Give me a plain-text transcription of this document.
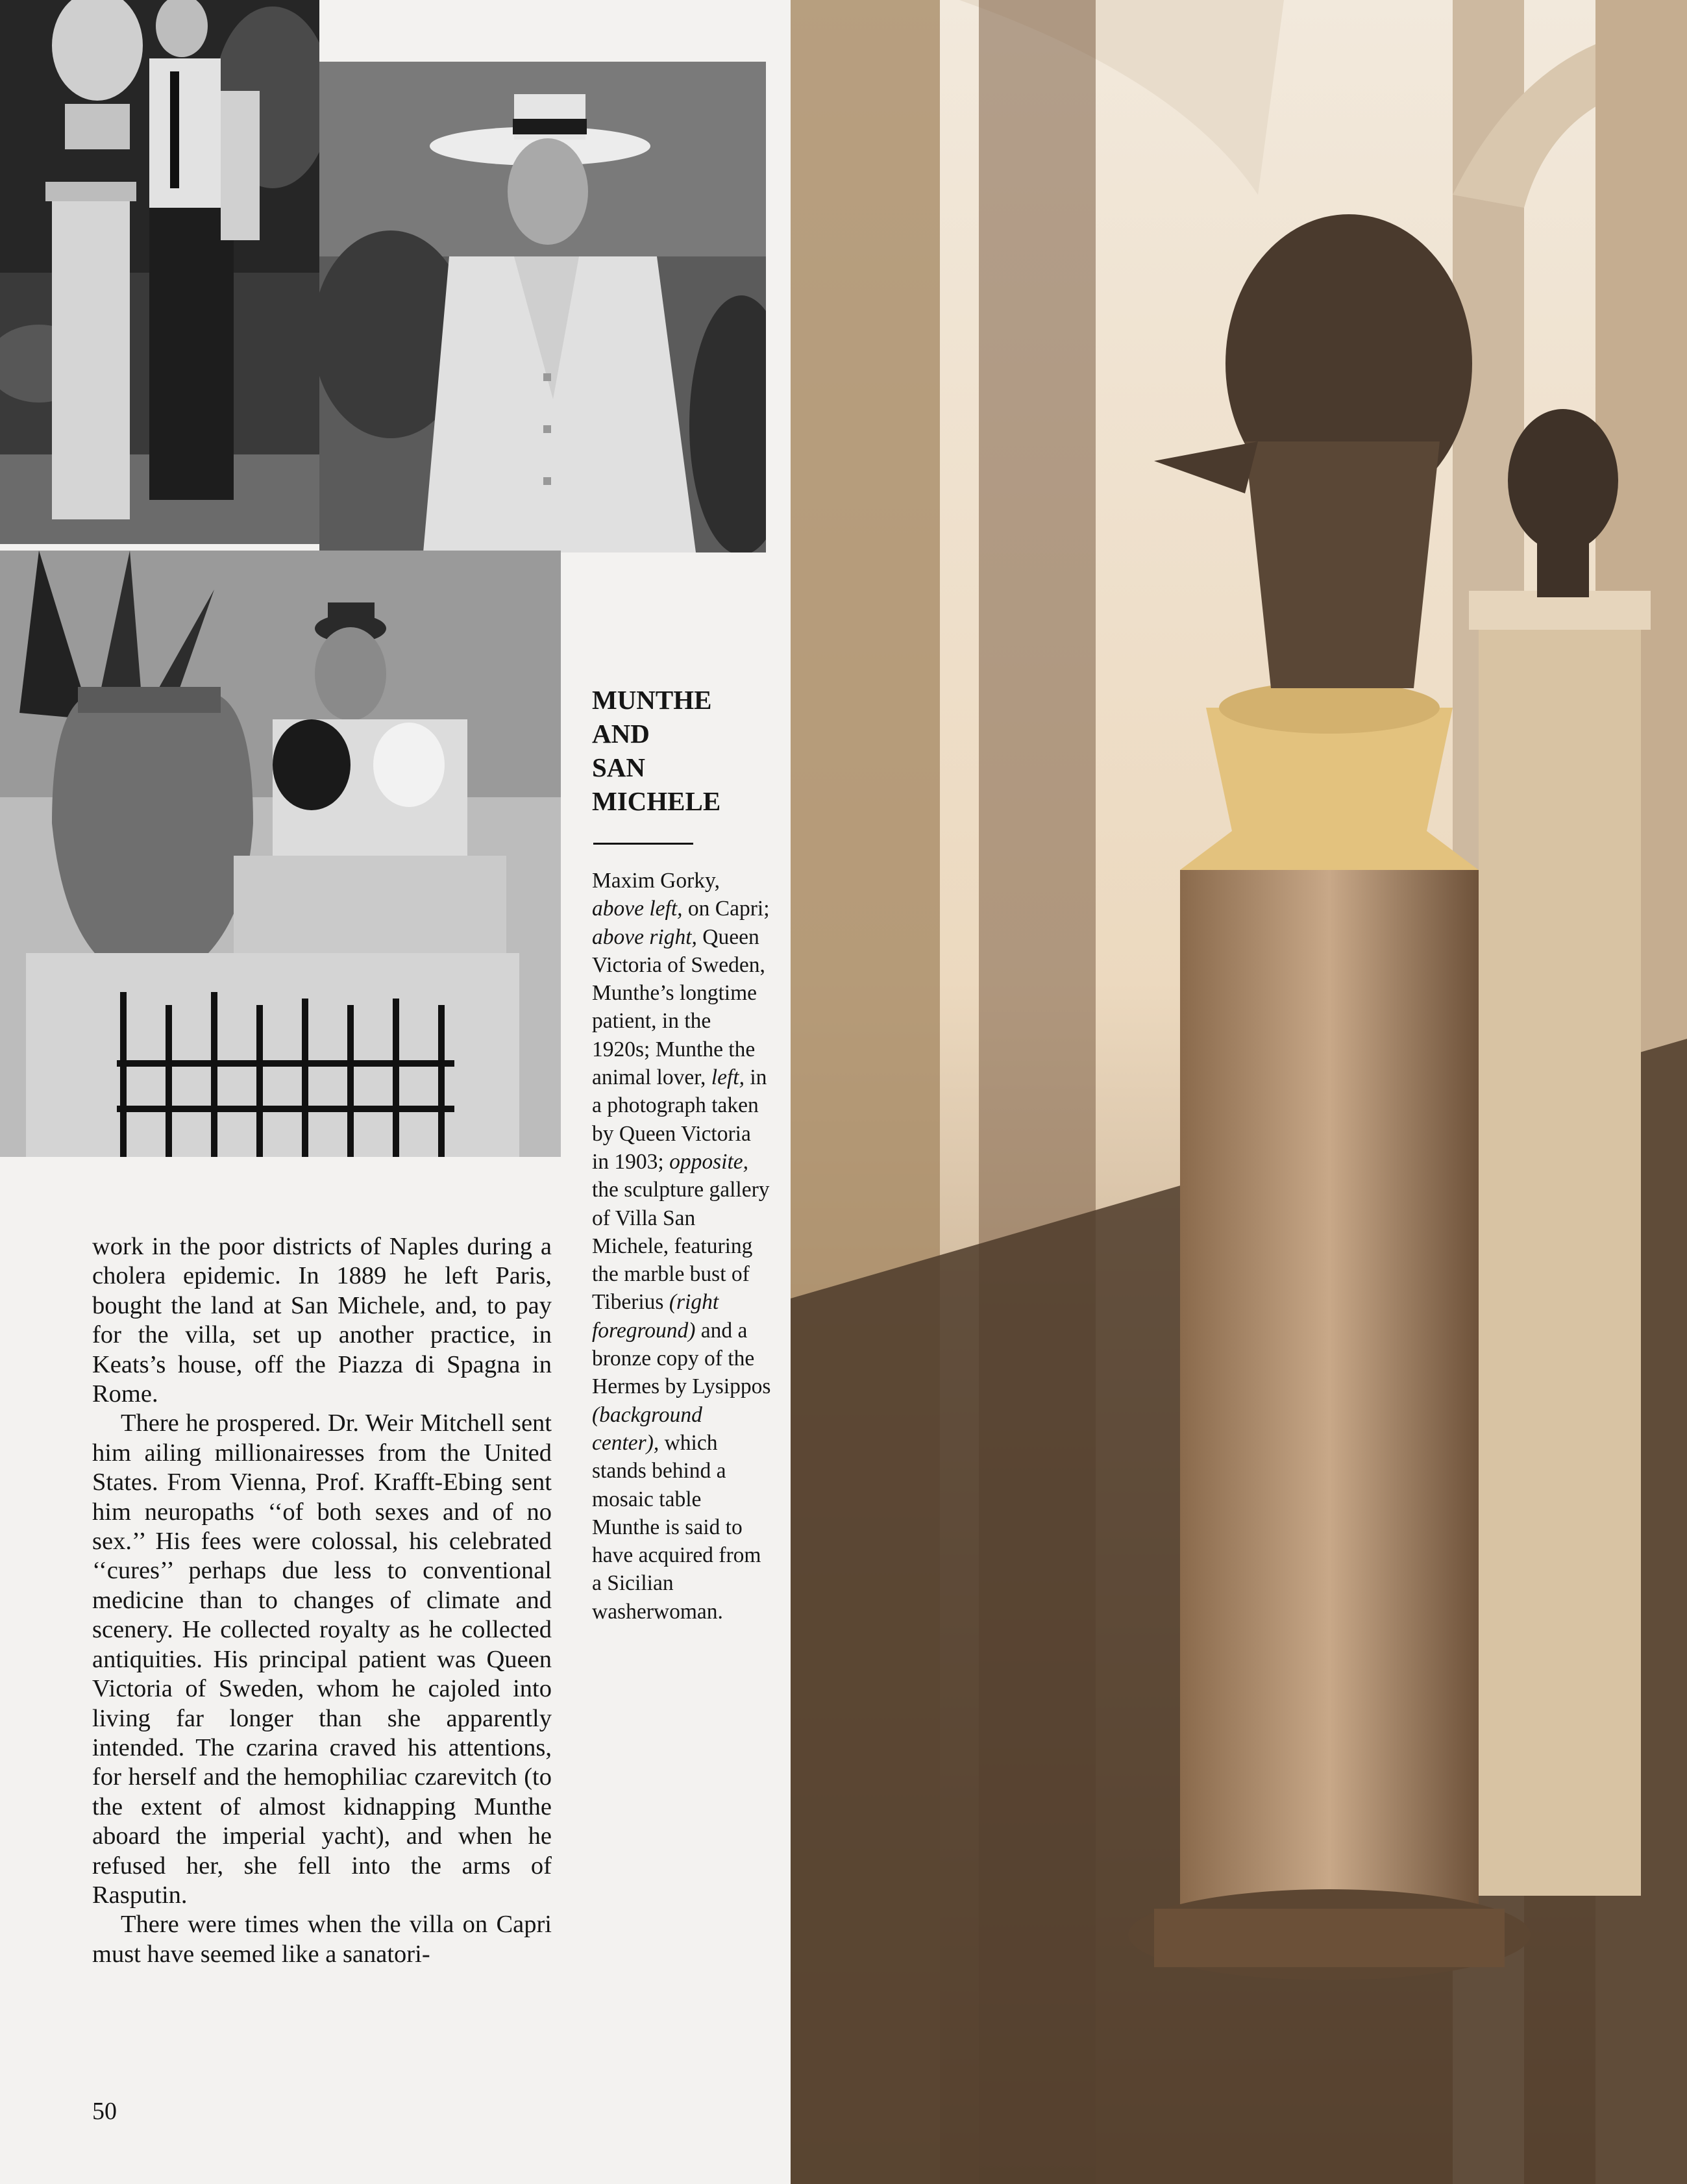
MUNTHE
AND
SAN
MICHELE
Maxim Gorky, above left, on Capri; above right, Queen Victoria of Sweden, Munthe’s longtime patient, in the 1920s; Munthe the animal lover, left, in a photograph taken by Queen Victoria in 1903; opposite, the sculpture gallery of Villa San Michele, featuring the marble bust of Tiberius (right foreground) and a bronze copy of the Hermes by Lysippos (background center), which stands behind a mosaic table Munthe is said to have acquired from a Sicilian washerwoman.

work in the poor districts of Naples during a cholera epidemic. In 1889 he left Paris, bought the land at San Michele, and, to pay for the villa, set up another practice, in Keats’s house, off the Piazza di Spagna in Rome.

There he prospered. Dr. Weir Mitchell sent him ailing millionairesses from the United States. From Vienna, Prof. Krafft-Ebing sent him neuropaths ‘‘of both sexes and of no sex.’’ His fees were colossal, his celebrated ‘‘cures’’ perhaps due less to conventional medicine than to changes of climate and scenery. He collected royalty as he collected antiquities. His principal patient was Queen Victoria of Sweden, whom he cajoled into living far longer than she apparently intended. The czarina craved his attentions, for herself and the hemophiliac czarevitch (to the extent of almost kidnapping Munthe aboard the imperial yacht), and when he refused her, she fell into the arms of Rasputin.

There were times when the villa on Capri must have seemed like a sanatori-

50
